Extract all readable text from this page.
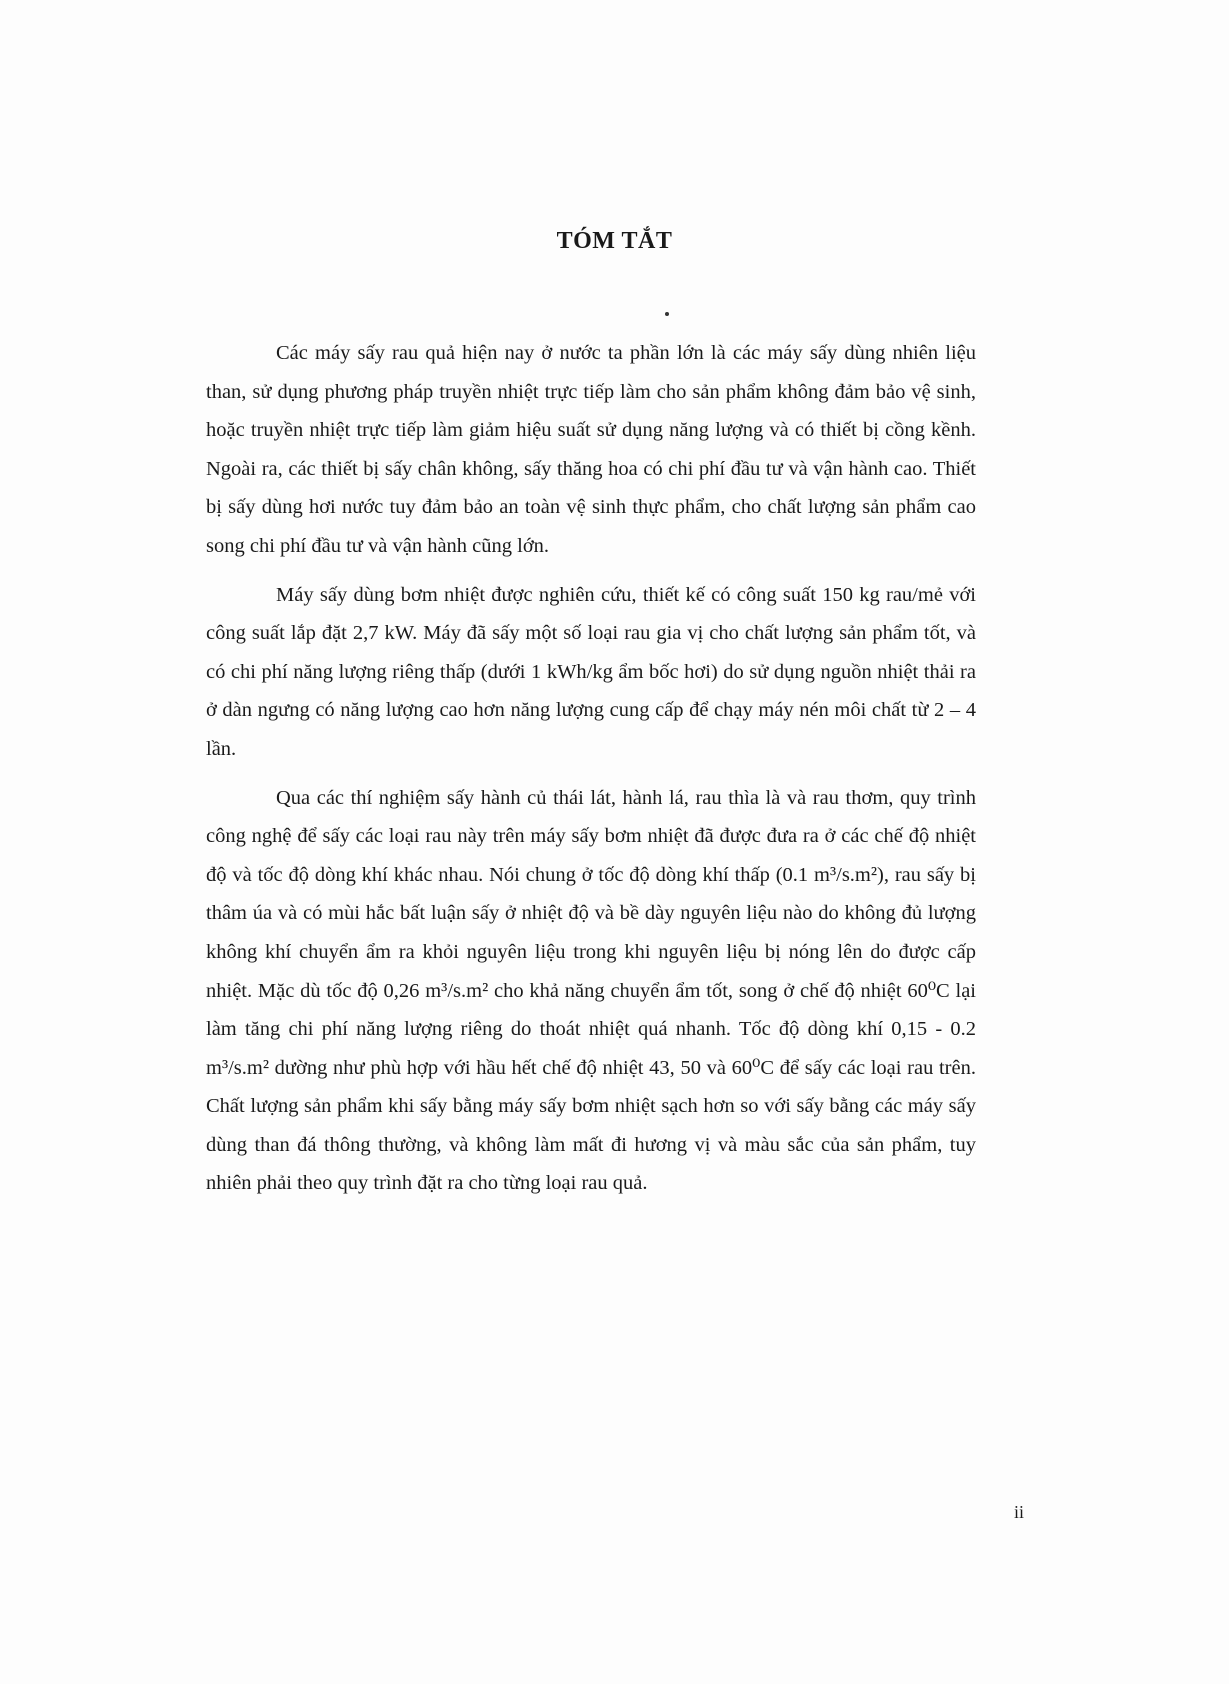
TÓM TẮT

Các máy sấy rau quả hiện nay ở nước ta phần lớn là các máy sấy dùng nhiên liệu than, sử dụng phương pháp truyền nhiệt trực tiếp làm cho sản phẩm không đảm bảo vệ sinh, hoặc truyền nhiệt trực tiếp làm giảm hiệu suất sử dụng năng lượng và có thiết bị cồng kềnh. Ngoài ra, các thiết bị sấy chân không, sấy thăng hoa có chi phí đầu tư và vận hành cao. Thiết bị sấy dùng hơi nước tuy đảm bảo an toàn vệ sinh thực phẩm, cho chất lượng sản phẩm cao song chi phí đầu tư và vận hành cũng lớn.

Máy sấy dùng bơm nhiệt được nghiên cứu, thiết kế có công suất 150 kg rau/mẻ với công suất lắp đặt 2,7 kW. Máy đã sấy một số loại rau gia vị cho chất lượng sản phẩm tốt, và có chi phí năng lượng riêng thấp (dưới 1 kWh/kg ẩm bốc hơi) do sử dụng nguồn nhiệt thải ra ở dàn ngưng có năng lượng cao hơn năng lượng cung cấp để chạy máy nén môi chất từ 2 – 4 lần.

Qua các thí nghiệm sấy hành củ thái lát, hành lá, rau thìa là và rau thơm, quy trình công nghệ để sấy các loại rau này trên máy sấy bơm nhiệt đã được đưa ra ở các chế độ nhiệt độ và tốc độ dòng khí khác nhau. Nói chung ở tốc độ dòng khí thấp (0.1 m³/s.m²), rau sấy bị thâm úa và có mùi hắc bất luận sấy ở nhiệt độ và bề dày nguyên liệu nào do không đủ lượng không khí chuyển ẩm ra khỏi nguyên liệu trong khi nguyên liệu bị nóng lên do được cấp nhiệt. Mặc dù tốc độ 0,26 m³/s.m² cho khả năng chuyển ẩm tốt, song ở chế độ nhiệt 60⁰C lại làm tăng chi phí năng lượng riêng do thoát nhiệt quá nhanh. Tốc độ dòng khí 0,15 - 0.2 m³/s.m² dường như phù hợp với hầu hết chế độ nhiệt 43, 50 và 60⁰C để sấy các loại rau trên. Chất lượng sản phẩm khi sấy bằng máy sấy bơm nhiệt sạch hơn so với sấy bằng các máy sấy dùng than đá thông thường, và không làm mất đi hương vị và màu sắc của sản phẩm, tuy nhiên phải theo quy trình đặt ra cho từng loại rau quả.

ii
